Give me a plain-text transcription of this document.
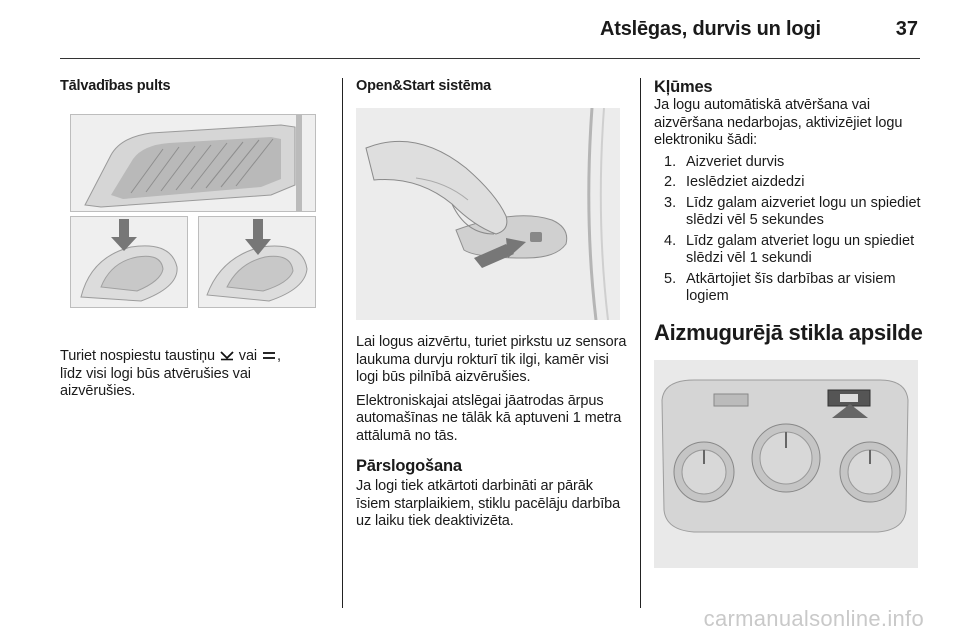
Atslēgas, durvis un logi	37
Tālvadības pults

Turiet nospiestu taustiņu  vai ,
līdz visi logi būs atvērušies vai aizvērušies.

Open&Start sistēma

Lai logus aizvērtu, turiet pirkstu uz sensora laukuma durvju rokturī tik ilgi, kamēr visi logi būs pilnībā aizvērušies.

Elektroniskajai atslēgai jāatrodas ārpus automašīnas ne tālāk kā aptuveni 1 metra attālumā no tās.

Pārslogošana

Ja logi tiek atkārtoti darbināti ar pārāk īsiem starplaikiem, stiklu pacēlāju darbība uz laiku tiek deaktivizēta.

Kļūmes

Ja logu automātiskā atvēršana vai aizvēršana nedarbojas, aktivizējiet logu elektroniku šādi:

1. Aizveriet durvis
2. Ieslēdziet aizdedzi
3. Līdz galam aizveriet logu un spiediet slēdzi vēl 5 sekundes
4. Līdz galam atveriet logu un spiediet slēdzi vēl 1 sekundi
5. Atkārtojiet šīs darbības ar visiem logiem
Aizmugurējā stikla apsilde
carmanualsonline.info
